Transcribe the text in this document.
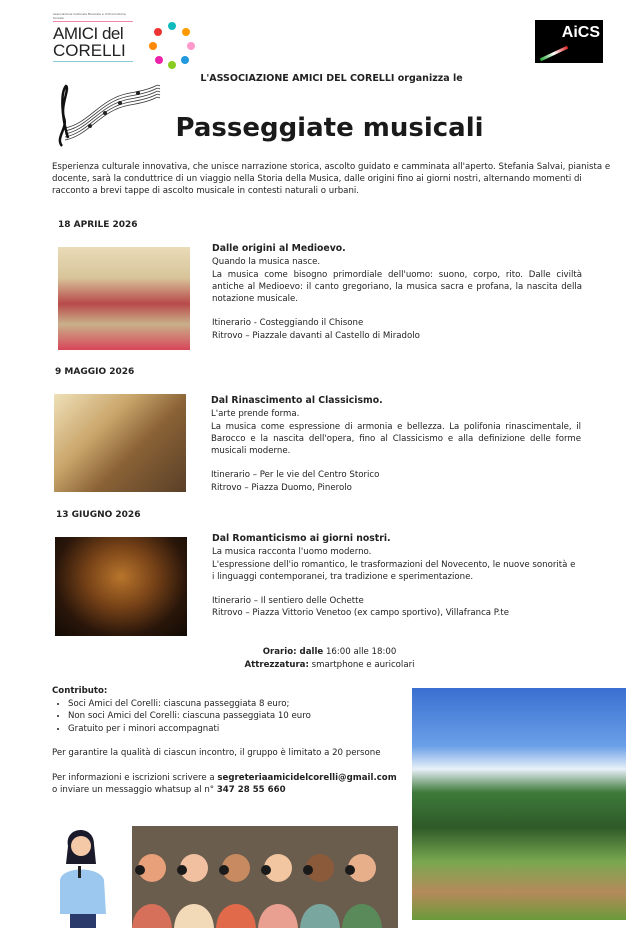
Associazione Culturale Musicale e di Promozione Sociale
AMICI del
CORELLI
AiCS
L'ASSOCIAZIONE AMICI DEL CORELLI organizza le
Passeggiate musicali

Esperienza culturale innovativa, che unisce narrazione storica, ascolto guidato e camminata all'aperto. Stefania Salvai, pianista e docente, sarà la conduttrice di un viaggio nella Storia della Musica, dalle origini fino ai giorni nostri, alternando momenti di racconto a brevi tappe di ascolto musicale in contesti naturali o urbani.

18 APRILE 2026
Dalle origini al Medioevo.

Quando la musica nasce.

La musica come bisogno primordiale dell'uomo: suono, corpo, rito. Dalle civiltà antiche al Medioevo: il canto gregoriano, la musica sacra e profana, la nascita della notazione musicale.

Itinerario - Costeggiando il Chisone

Ritrovo – Piazzale davanti al Castello di Miradolo

9 MAGGIO 2026
Dal Rinascimento al Classicismo.

L'arte prende forma.

La musica come espressione di armonia e bellezza. La polifonia rinascimentale, il Barocco e la nascita dell'opera, fino al Classicismo e alla definizione delle forme musicali moderne.

Itinerario – Per le vie del Centro Storico

Ritrovo – Piazza Duomo, Pinerolo

13 GIUGNO 2026
Dal Romanticismo ai giorni nostri.

La musica racconta l'uomo moderno.

L'espressione dell'io romantico, le trasformazioni del Novecento, le nuove sonorità e i linguaggi contemporanei, tra tradizione e sperimentazione.

Itinerario – Il sentiero delle Ochette

Ritrovo – Piazza Vittorio Venetoo (ex campo sportivo), Villafranca P.te

Orario: dalle 16:00 alle 18:00
Attrezzatura: smartphone e auricolari
Contributo:
• Soci Amici del Corelli: ciascuna passeggiata 8 euro;
• Non soci Amici del Corelli: ciascuna passeggiata 10 euro
• Gratuito per i minori accompagnati

Per garantire la qualità di ciascun incontro, il gruppo è limitato a 20 persone

Per informazioni e iscrizioni scrivere a segreteriaamicidelcorelli@gmail.com

o inviare un messaggio whatsup al n° 347 28 55 660
